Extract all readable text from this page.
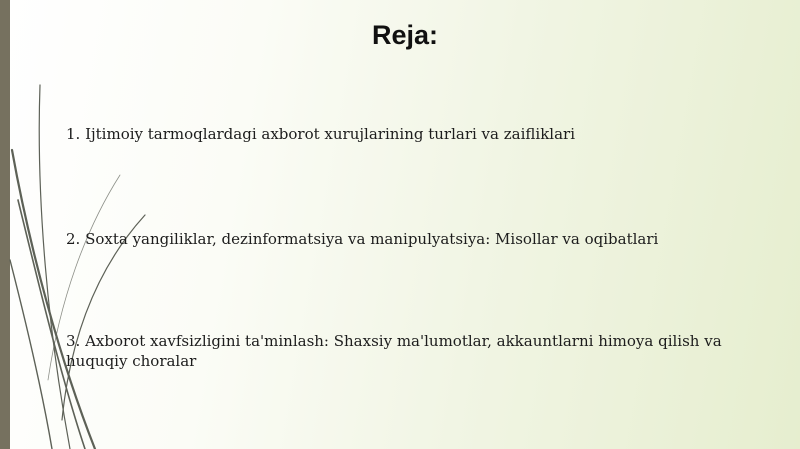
Reja:
1. Ijtimoiy tarmoqlardagi axborot xurujlarining turlari va zaifliklari
2. Soxta yangiliklar, dezinformatsiya va manipulyatsiya: Misollar va oqibatlari
3. Axborot xavfsizligini ta'minlash: Shaxsiy ma'lumotlar, akkauntlarni himoya qilish va huquqiy choralar
